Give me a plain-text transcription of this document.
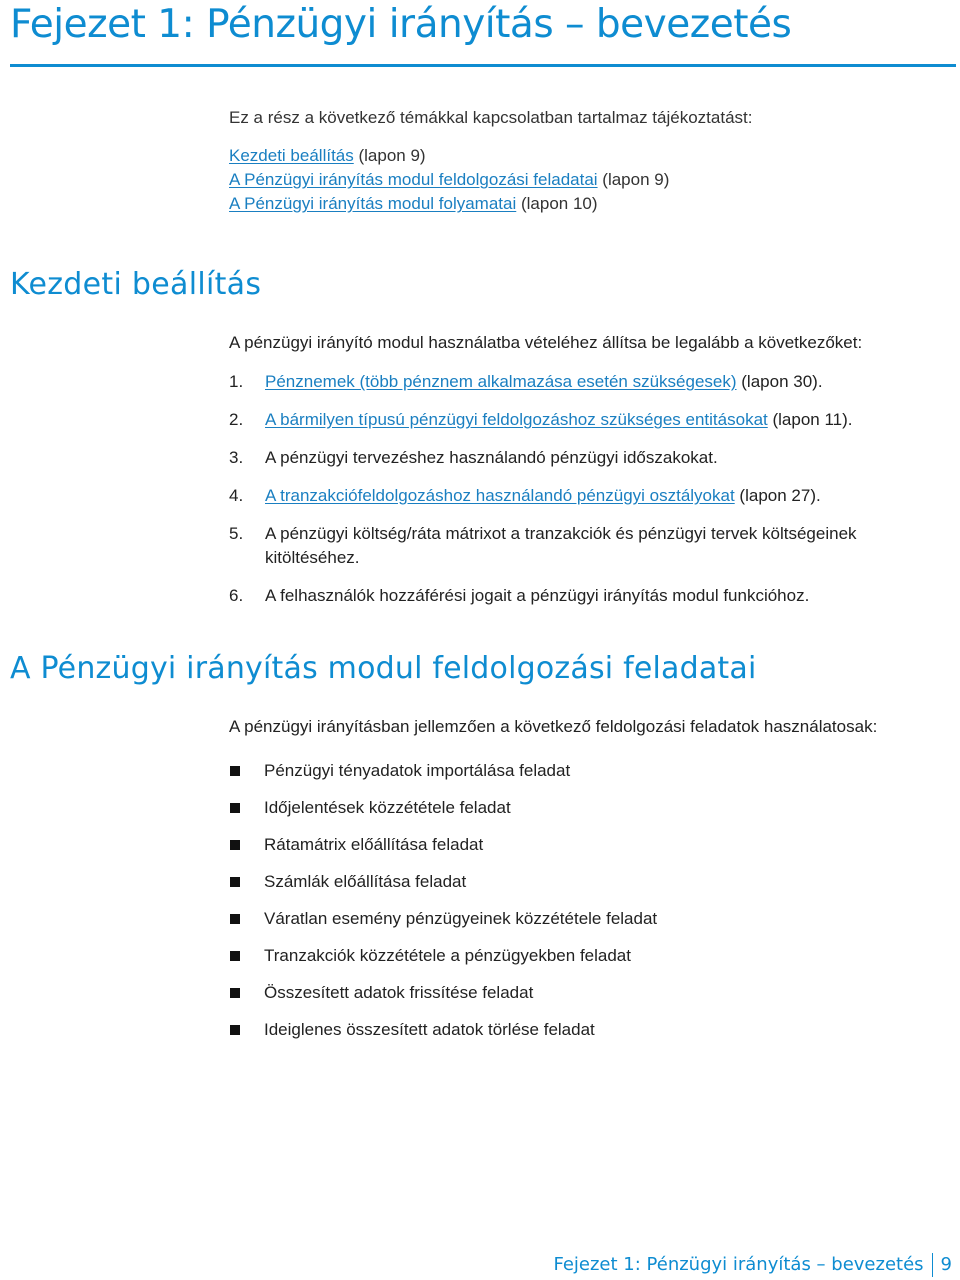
Fejezet 1: Pénzügyi irányítás – bevezetés

Ez a rész a következő témákkal kapcsolatban tartalmaz tájékoztatást:

Kezdeti beállítás (lapon 9)
A Pénzügyi irányítás modul feldolgozási feladatai (lapon 9)
A Pénzügyi irányítás modul folyamatai (lapon 10)
Kezdeti beállítás

A pénzügyi irányító modul használatba vételéhez állítsa be legalább a következőket:

1.	Pénznemek (több pénznem alkalmazása esetén szükségesek) (lapon 30).
2.	A bármilyen típusú pénzügyi feldolgozáshoz szükséges entitásokat (lapon 11).
3.	A pénzügyi tervezéshez használandó pénzügyi időszakokat.
4.	A tranzakciófeldolgozáshoz használandó pénzügyi osztályokat (lapon 27).
5.	A pénzügyi költség/ráta mátrixot a tranzakciók és pénzügyi tervek költségeinek kitöltéséhez.
6.	A felhasználók hozzáférési jogait a pénzügyi irányítás modul funkcióhoz.
A Pénzügyi irányítás modul feldolgozási feladatai

A pénzügyi irányításban jellemzően a következő feldolgozási feladatok használatosak:

Pénzügyi tényadatok importálása feladat
Időjelentések közzététele feladat
Rátamátrix előállítása feladat
Számlák előállítása feladat
Váratlan esemény pénzügyeinek közzététele feladat
Tranzakciók közzététele a pénzügyekben feladat
Összesített adatok frissítése feladat
Ideiglenes összesített adatok törlése feladat
Fejezet 1: Pénzügyi irányítás – bevezetés 9
